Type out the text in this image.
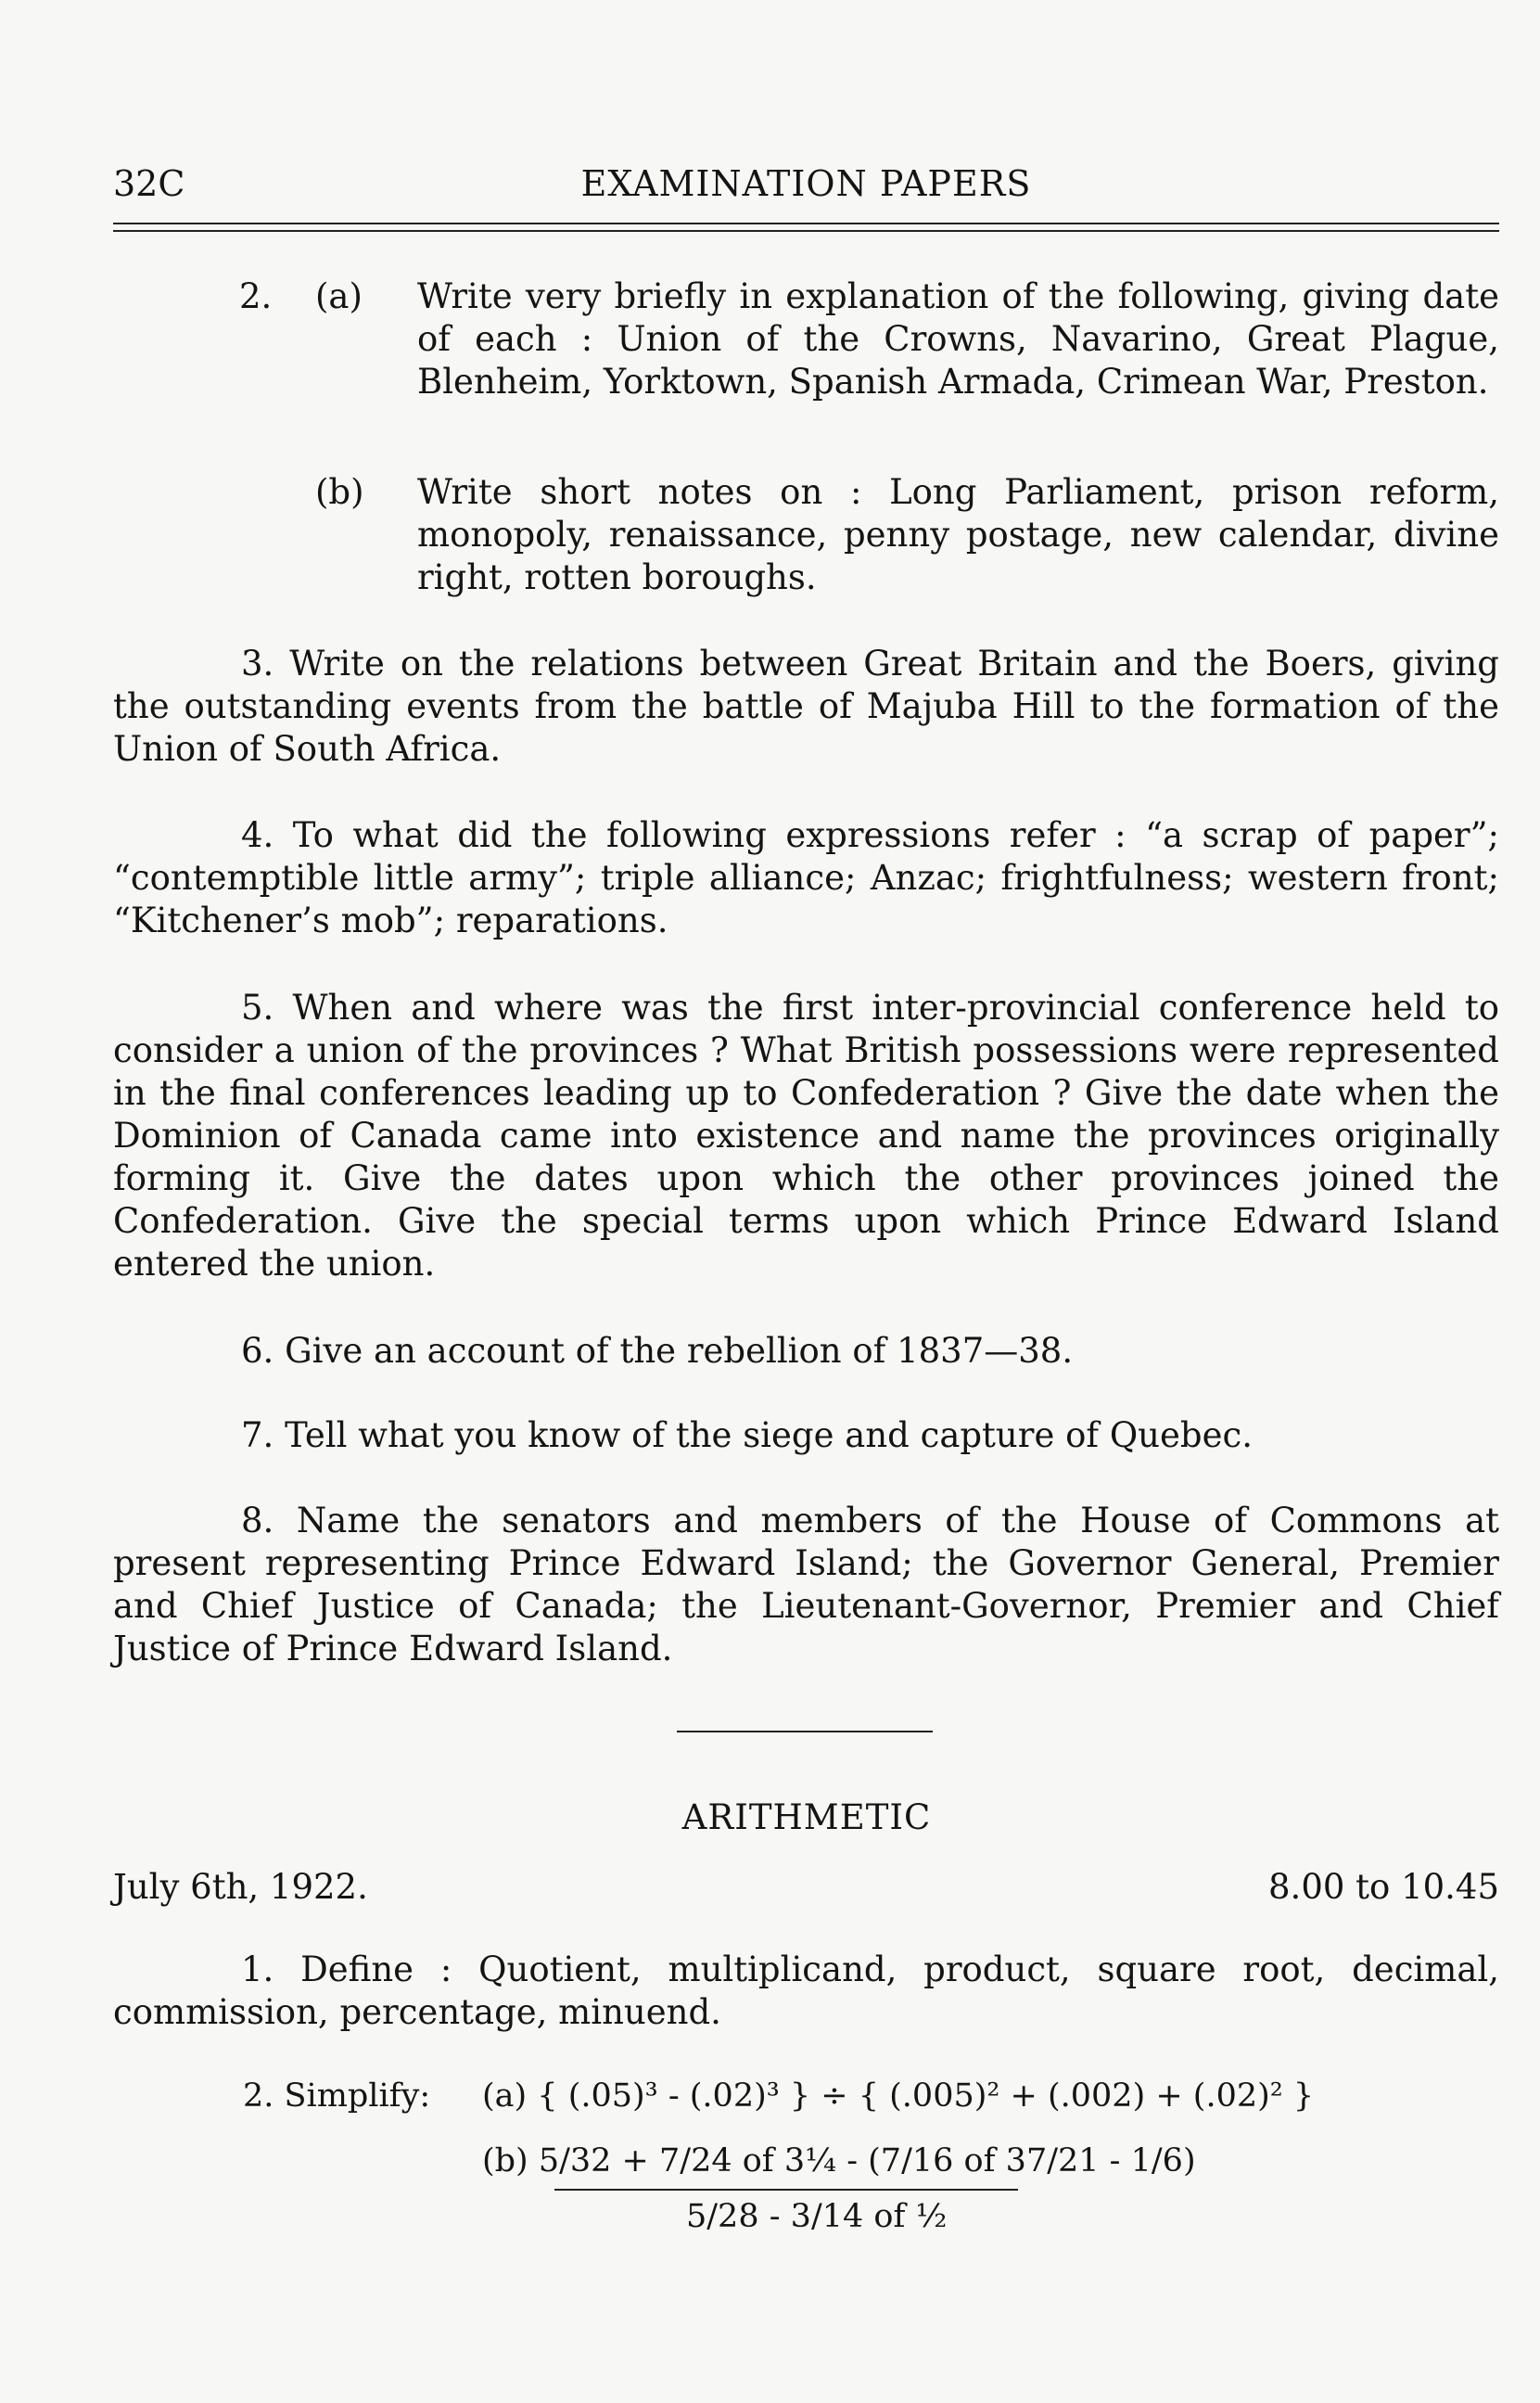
32C	EXAMINATION PAPERS
2. (a) Write very briefly in explanation of the following, giving date of each : Union of the Crowns, Navarino, Great Plague, Blenheim, Yorktown, Spanish Armada, Crimean War, Preston.
(b) Write short notes on : Long Parliament, prison reform, monopoly, renaissance, penny postage, new calendar, divine right, rotten boroughs.
3. Write on the relations between Great Britain and the Boers, giving the outstanding events from the battle of Majuba Hill to the formation of the Union of South Africa.
4. To what did the following expressions refer : “a scrap of paper”; “contemptible little army”; triple alliance; Anzac; frightfulness; western front; “Kitchener’s mob”; reparations.
5. When and where was the first inter-provincial conference held to consider a union of the provinces ? What British possessions were represented in the final conferences leading up to Confederation ? Give the date when the Dominion of Canada came into existence and name the provinces originally forming it. Give the dates upon which the other provinces joined the Confederation. Give the special terms upon which Prince Edward Island entered the union.
6. Give an account of the rebellion of 1837—38.
7. Tell what you know of the siege and capture of Quebec.
8. Name the senators and members of the House of Commons at present representing Prince Edward Island; the Governor General, Premier and Chief Justice of Canada; the Lieutenant-Governor, Premier and Chief Justice of Prince Edward Island.
ARITHMETIC
July 6th, 1922.	8.00 to 10.45
1. Define : Quotient, multiplicand, product, square root, decimal, commission, percentage, minuend.
2. Simplify: (a) { (.05)³ - (.02)³ } ÷ { (.005)² + (.002) + (.02)² }
(b) 5/32 + 7/24 of 3¼ - (7/16 of 37/21 - 1/6)
5/28 - 3/14 of ½
